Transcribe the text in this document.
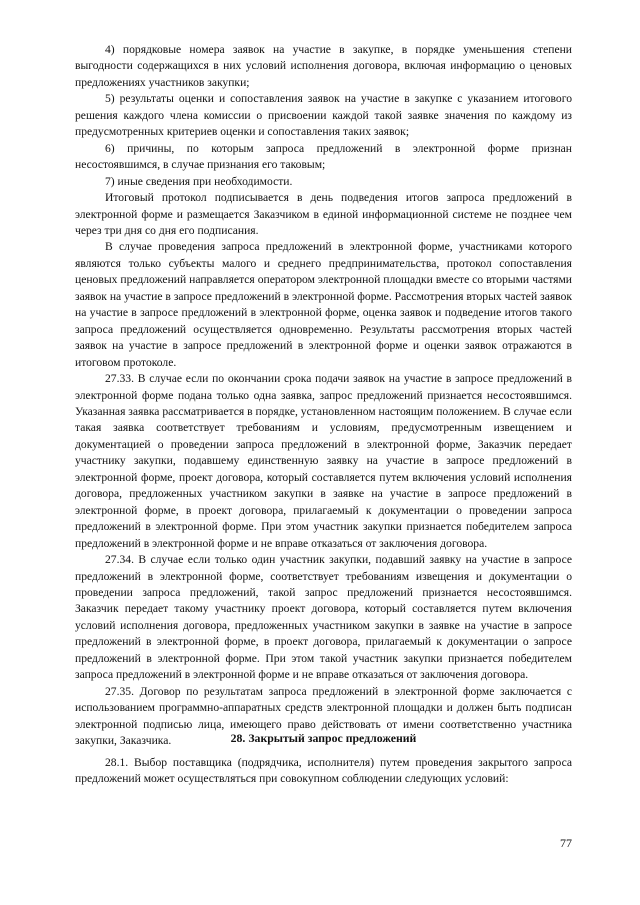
4) порядковые номера заявок на участие в закупке, в порядке уменьшения степени выгодности содержащихся в них условий исполнения договора, включая информацию о ценовых предложениях участников закупки;

5) результаты оценки и сопоставления заявок на участие в закупке с указанием итогового решения каждого члена комиссии о присвоении каждой такой заявке значения по каждому из предусмотренных критериев оценки и сопоставления таких заявок;

6) причины, по которым запроса предложений в электронной форме признан несостоявшимся, в случае признания его таковым;

7) иные сведения при необходимости.

Итоговый протокол подписывается в день подведения итогов запроса предложений в электронной форме и размещается Заказчиком в единой информационной системе не позднее чем через три дня со дня его подписания.

В случае проведения запроса предложений в электронной форме, участниками которого являются только субъекты малого и среднего предпринимательства, протокол сопоставления ценовых предложений направляется оператором электронной площадки вместе со вторыми частями заявок на участие в запросе предложений в электронной форме. Рассмотрения вторых частей заявок на участие в запросе предложений в электронной форме, оценка заявок и подведение итогов такого запроса предложений осуществляется одновременно. Результаты рассмотрения вторых частей заявок на участие в запросе предложений в электронной форме и оценки заявок отражаются в итоговом протоколе.

27.33. В случае если по окончании срока подачи заявок на участие в запросе предложений в электронной форме подана только одна заявка, запрос предложений признается несостоявшимся. Указанная заявка рассматривается в порядке, установленном настоящим положением. В случае если такая заявка соответствует требованиям и условиям, предусмотренным извещением и документацией о проведении запроса предложений в электронной форме, Заказчик передает участнику закупки, подавшему единственную заявку на участие в запросе предложений в электронной форме, проект договора, который составляется путем включения условий исполнения договора, предложенных участником закупки в заявке на участие в запросе предложений в электронной форме, в проект договора, прилагаемый к документации о проведении запроса предложений в электронной форме. При этом участник закупки признается победителем запроса предложений в электронной форме и не вправе отказаться от заключения договора.

27.34. В случае если только один участник закупки, подавший заявку на участие в запросе предложений в электронной форме, соответствует требованиям извещения и документации о проведении запроса предложений, такой запрос предложений признается несостоявшимся. Заказчик передает такому участнику проект договора, который составляется путем включения условий исполнения договора, предложенных участником закупки в заявке на участие в запросе предложений в электронной форме, в проект договора, прилагаемый к документации о запросе предложений в электронной форме. При этом такой участник закупки признается победителем запроса предложений в электронной форме и не вправе отказаться от заключения договора.

27.35. Договор по результатам запроса предложений в электронной форме заключается с использованием программно-аппаратных средств электронной площадки и должен быть подписан электронной подписью лица, имеющего право действовать от имени соответственно участника закупки, Заказчика.	28. Закрытый запрос предложений

28.1. Выбор поставщика (подрядчика, исполнителя) путем проведения закрытого запроса предложений может осуществляться при совокупном соблюдении следующих условий:

77
